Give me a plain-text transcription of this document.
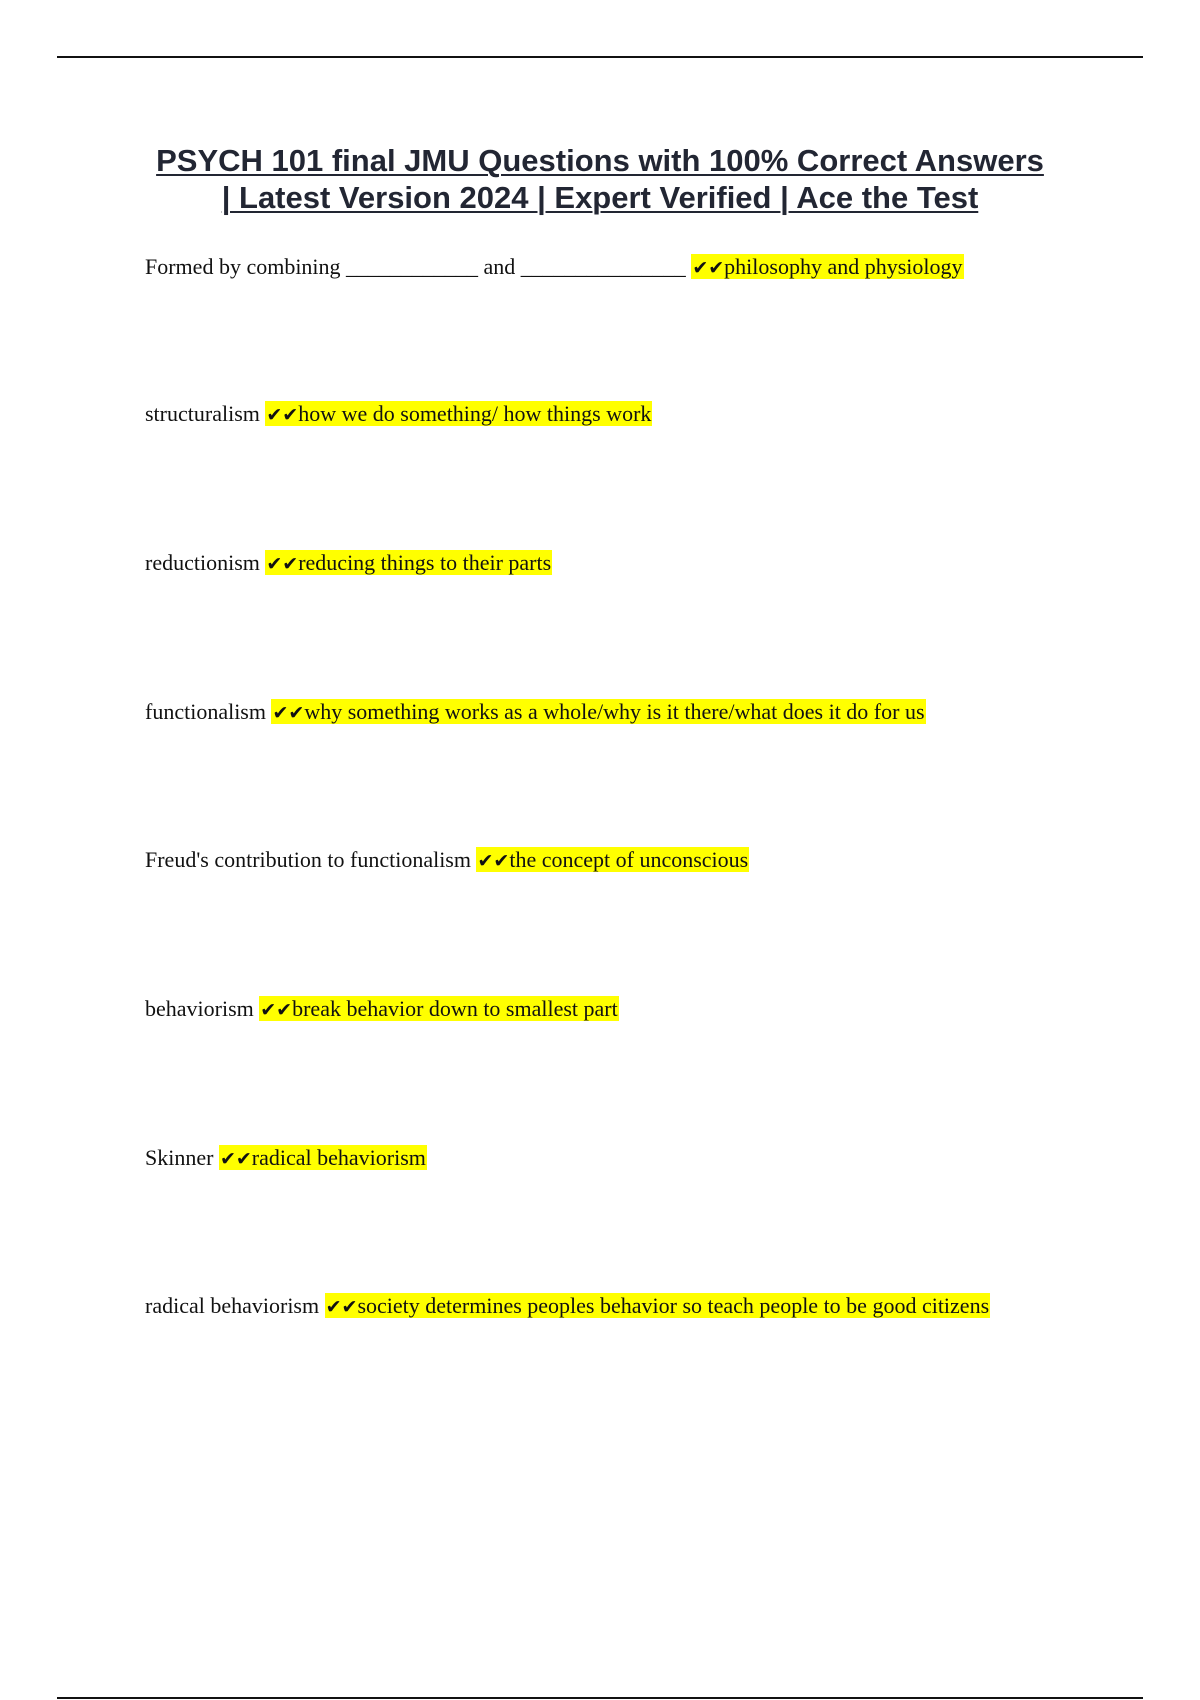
PSYCH 101 final JMU Questions with 100% Correct Answers
| Latest Version 2024 | Expert Verified | Ace the Test
Formed by combining ____________ and _______________ ✔✔philosophy and physiology
structuralism ✔✔how we do something/ how things work
reductionism ✔✔reducing things to their parts
functionalism ✔✔why something works as a whole/why is it there/what does it do for us
Freud's contribution to functionalism ✔✔the concept of unconscious
behaviorism ✔✔break behavior down to smallest part
Skinner ✔✔radical behaviorism
radical behaviorism ✔✔society determines peoples behavior so teach people to be good citizens
